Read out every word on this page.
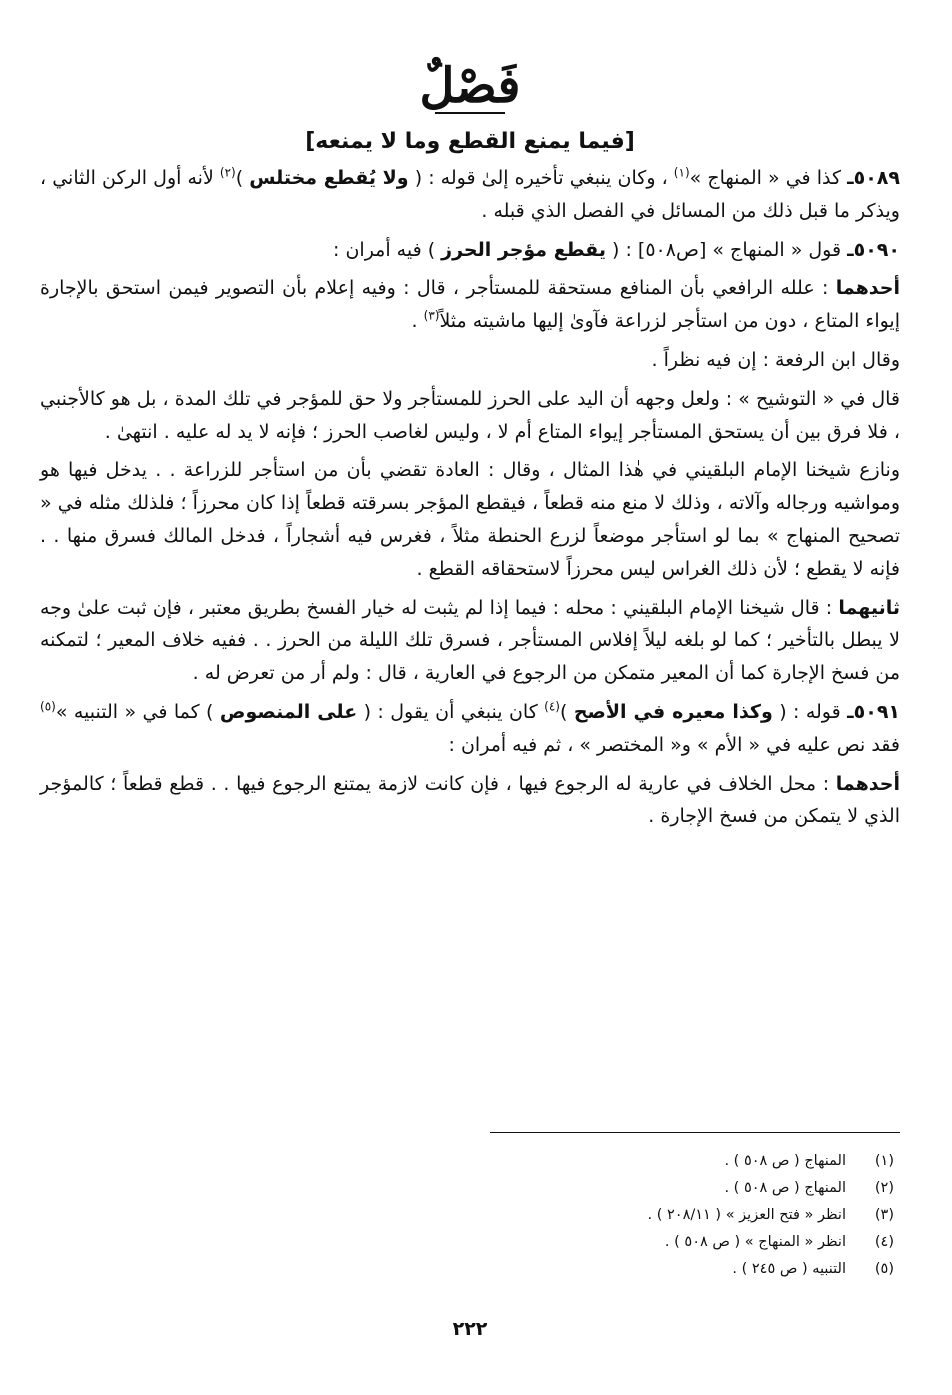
فَصْلٌ
[فيما يمنع القطع وما لا يمنعه]

٥٠٨٩ـ كذا في « المنهاج »$^{(١)}$ ، وكان ينبغي تأخيره إلىٰ قوله : ( ولا يُقطع مختلس )$^{(٢)}$ لأنه أول الركن الثاني ، ويذكر ما قبل ذلك من المسائل في الفصل الذي قبله .

٥٠٩٠ـ قول « المنهاج » [ص٥٠٨] : ( يقطع مؤجر الحرز ) فيه أمران :

أحدهما : علله الرافعي بأن المنافع مستحقة للمستأجر ، قال : وفيه إعلام بأن التصوير فيمن استحق بالإجارة إيواء المتاع ، دون من استأجر لزراعة فآوىٰ إليها ماشيته مثلاً$^{(٣)}$ .

وقال ابن الرفعة : إن فيه نظراً .

قال في « التوشيح » : ولعل وجهه أن اليد على الحرز للمستأجر ولا حق للمؤجر في تلك المدة ، بل هو كالأجنبي ، فلا فرق بين أن يستحق المستأجر إيواء المتاع أم لا ، وليس لغاصب الحرز ؛ فإنه لا يد له عليه . انتهىٰ .

ونازع شيخنا الإمام البلقيني في هٰذا المثال ، وقال : العادة تقضي بأن من استأجر للزراعة . . يدخل فيها هو ومواشيه ورجاله وآلاته ، وذلك لا منع منه قطعاً ، فيقطع المؤجر بسرقته قطعاً إذا كان محرزاً ؛ فلذلك مثله في « تصحيح المنهاج » بما لو استأجر موضعاً لزرع الحنطة مثلاً ، فغرس فيه أشجاراً ، فدخل المالك فسرق منها . . فإنه لا يقطع ؛ لأن ذلك الغراس ليس محرزاً لاستحقاقه القطع .

ثانيهما : قال شيخنا الإمام البلقيني : محله : فيما إذا لم يثبت له خيار الفسخ بطريق معتبر ، فإن ثبت علىٰ وجه لا يبطل بالتأخير ؛ كما لو بلغه ليلاً إفلاس المستأجر ، فسرق تلك الليلة من الحرز . . ففيه خلاف المعير ؛ لتمكنه من فسخ الإجارة كما أن المعير متمكن من الرجوع في العارية ، قال : ولم أر من تعرض له .

٥٠٩١ـ قوله : ( وكذا معيره في الأصح )$^{(٤)}$ كان ينبغي أن يقول : ( على المنصوص ) كما في « التنبيه »$^{(٥)}$ فقد نص عليه في « الأم » و« المختصر » ، ثم فيه أمران :

أحدهما : محل الخلاف في عارية له الرجوع فيها ، فإن كانت لازمة يمتنع الرجوع فيها . . قطع قطعاً ؛ كالمؤجر الذي لا يتمكن من فسخ الإجارة .

(١)
المنهاج ( ص ٥٠٨ ) .
(٢)
المنهاج ( ص ٥٠٨ ) .
(٣)
انظر « فتح العزيز » ( ٢٠٨/١١ ) .
(٤)
انظر « المنهاج » ( ص ٥٠٨ ) .
(٥)
التنبيه ( ص ٢٤٥ ) .
٢٢٢
